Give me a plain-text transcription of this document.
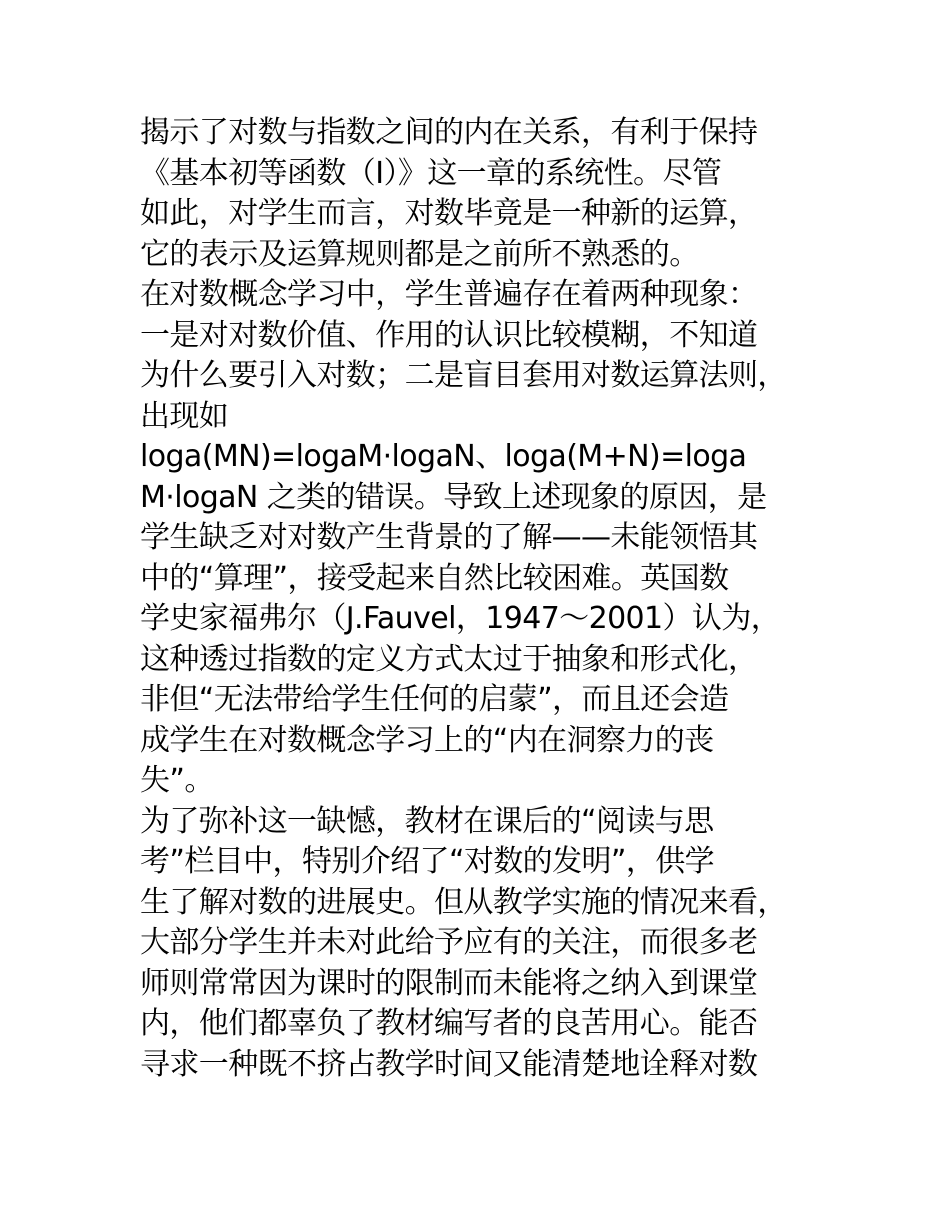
揭示了对数与指数之间的内在关系，有利于保持
《基本初等函数（Ⅰ）》这一章的系统性。尽管
如此，对学生而言，对数毕竟是一种新的运算，
它的表示及运算规则都是之前所不熟悉的。
在对数概念学习中，学生普遍存在着两种现象：
一是对对数价值、作用的认识比较模糊，不知道
为什么要引入对数；二是盲目套用对数运算法则，
出现如
loga(MN)=logaM·logaN、loga(M+N)=loga
M·logaN 之类的错误。导致上述现象的原因，是
学生缺乏对对数产生背景的了解——未能领悟其
中的“算理”，接受起来自然比较困难。英国数
学史家福弗尔（J.Fauvel，1947～2001）认为，
这种透过指数的定义方式太过于抽象和形式化，
非但“无法带给学生任何的启蒙”，而且还会造
成学生在对数概念学习上的“内在洞察力的丧
失”。
为了弥补这一缺憾，教材在课后的“阅读与思
考”栏目中，特别介绍了“对数的发明”，供学
生了解对数的进展史。但从教学实施的情况来看，
大部分学生并未对此给予应有的关注，而很多老
师则常常因为课时的限制而未能将之纳入到课堂
内，他们都辜负了教材编写者的良苦用心。能否
寻求一种既不挤占教学时间又能清楚地诠释对数
